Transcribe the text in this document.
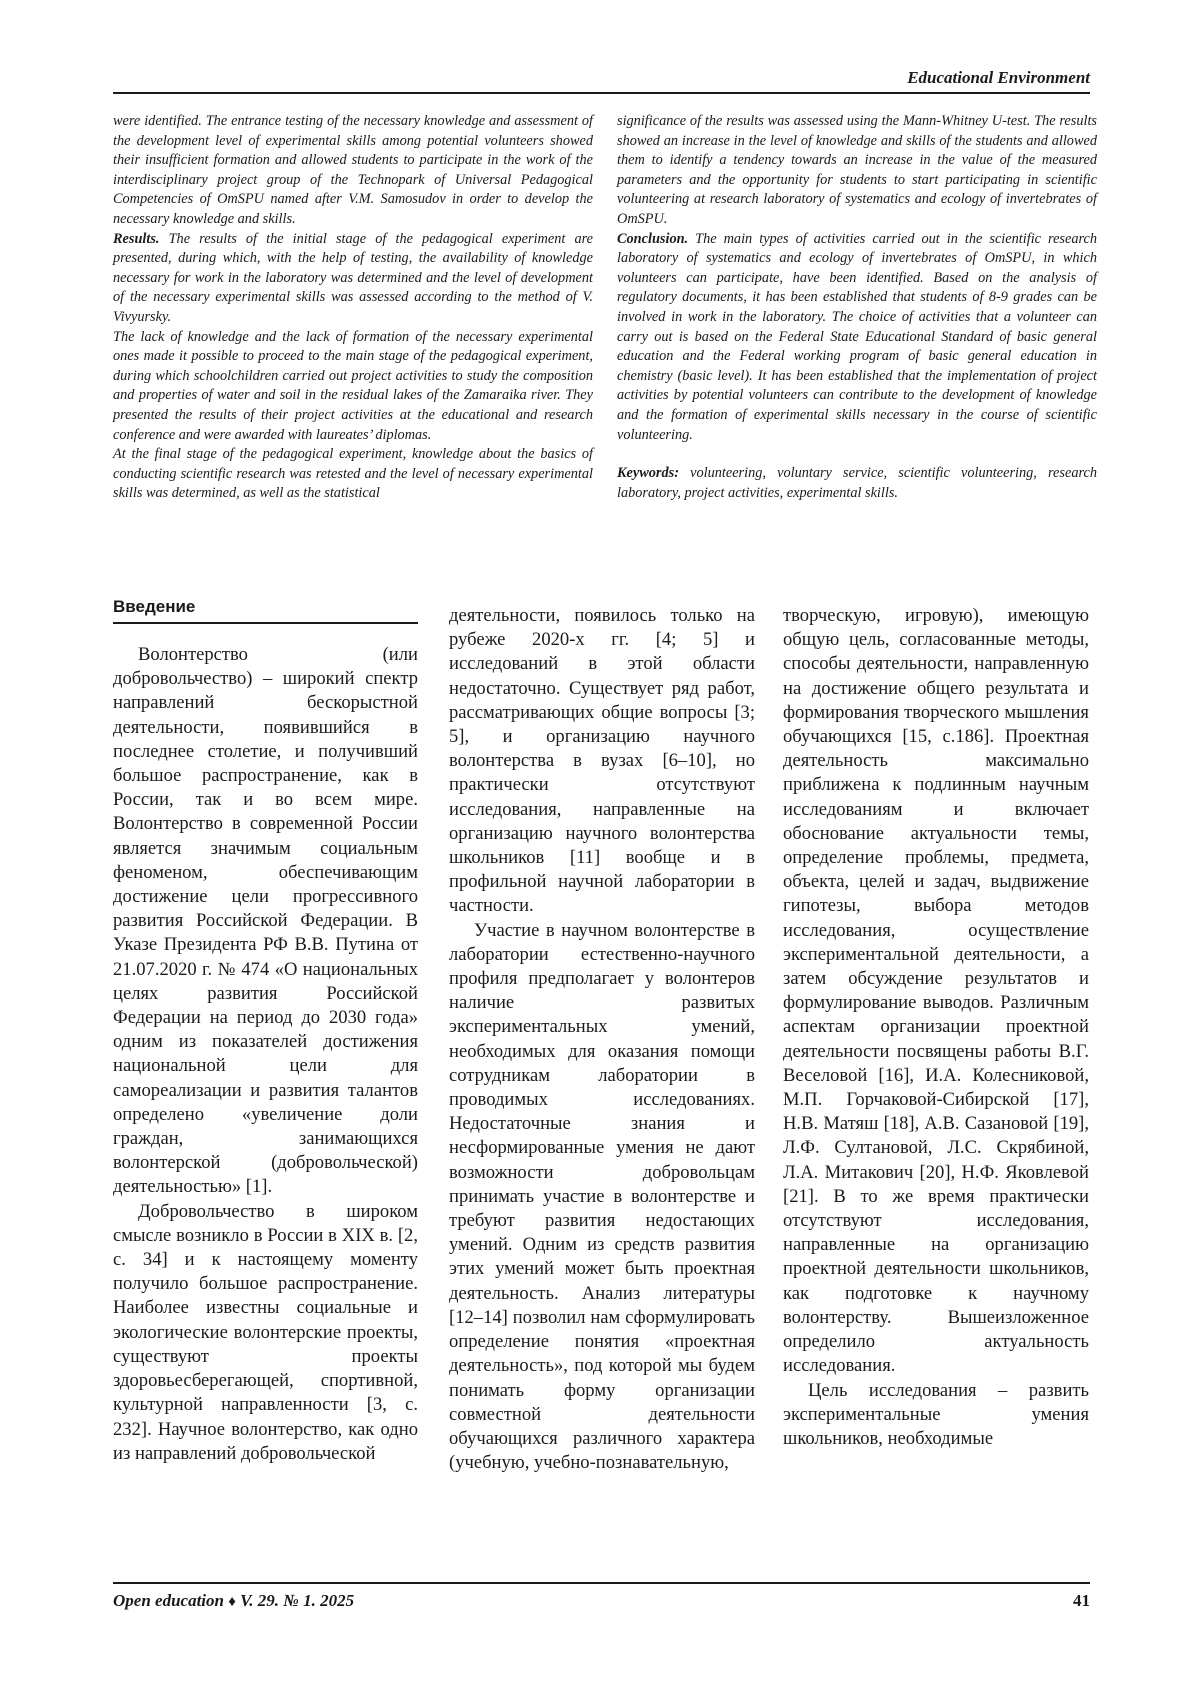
Educational Environment

were identified. The entrance testing of the necessary knowledge and assessment of the development level of experimental skills among potential volunteers showed their insufficient formation and allowed students to participate in the work of the interdisciplinary project group of the Technopark of Universal Pedagogical Competencies of OmSPU named after V.M. Samosudov in order to develop the necessary knowledge and skills.

Results. The results of the initial stage of the pedagogical experiment are presented, during which, with the help of testing, the availability of knowledge necessary for work in the laboratory was determined and the level of development of the necessary experimental skills was assessed according to the method of V. Vivyursky.

The lack of knowledge and the lack of formation of the necessary experimental ones made it possible to proceed to the main stage of the pedagogical experiment, during which schoolchildren carried out project activities to study the composition and properties of water and soil in the residual lakes of the Zamaraika river. They presented the results of their project activities at the educational and research conference and were awarded with laureates’ diplomas.

At the final stage of the pedagogical experiment, knowledge about the basics of conducting scientific research was retested and the level of necessary experimental skills was determined, as well as the statistical

significance of the results was assessed using the Mann-Whitney U-test. The results showed an increase in the level of knowledge and skills of the students and allowed them to identify a tendency towards an increase in the value of the measured parameters and the opportunity for students to start participating in scientific volunteering at research laboratory of systematics and ecology of invertebrates of OmSPU.

Conclusion. The main types of activities carried out in the scientific research laboratory of systematics and ecology of invertebrates of OmSPU, in which volunteers can participate, have been identified. Based on the analysis of regulatory documents, it has been established that students of 8-9 grades can be involved in work in the laboratory. The choice of activities that a volunteer can carry out is based on the Federal State Educational Standard of basic general education and the Federal working program of basic general education in chemistry (basic level). It has been established that the implementation of project activities by potential volunteers can contribute to the development of knowledge and the formation of experimental skills necessary in the course of scientific volunteering.

Keywords: volunteering, voluntary service, scientific volunteering, research laboratory, project activities, experimental skills.

Введение

Волонтерство (или добровольчество) – широкий спектр направлений бескорыстной деятельности, появившийся в последнее столетие, и получивший большое распространение, как в России, так и во всем мире. Волонтерство в современной России является значимым социальным феноменом, обеспечивающим достижение цели прогрессивного развития Российской Федерации. В Указе Президента РФ В.В. Путина от 21.07.2020 г. № 474 «О национальных целях развития Российской Федерации на период до 2030 года» одним из показателей достижения национальной цели для самореализации и развития талантов определено «увеличение доли граждан, занимающихся волонтерской (добровольческой) деятельностью» [1].

Добровольчество в широком смысле возникло в России в XIX в. [2, с. 34] и к настоящему моменту получило большое распространение. Наиболее известны социальные и экологические волонтерские проекты, существуют проекты здоровьесберегающей, спортивной, культурной направленности [3, с. 232]. Научное волонтерство, как одно из направлений добровольческой

деятельности, появилось только на рубеже 2020-х гг. [4; 5] и исследований в этой области недостаточно. Существует ряд работ, рассматривающих общие вопросы [3; 5], и организацию научного волонтерства в вузах [6–10], но практически отсутствуют исследования, направленные на организацию научного волонтерства школьников [11] вообще и в профильной научной лаборатории в частности.

Участие в научном волонтерстве в лаборатории естественно-научного профиля предполагает у волонтеров наличие развитых экспериментальных умений, необходимых для оказания помощи сотрудникам лаборатории в проводимых исследованиях. Недостаточные знания и несформированные умения не дают возможности добровольцам принимать участие в волонтерстве и требуют развития недостающих умений. Одним из средств развития этих умений может быть проектная деятельность. Анализ литературы [12–14] позволил нам сформулировать определение понятия «проектная деятельность», под которой мы будем понимать форму организации совместной деятельности обучающихся различного характера (учебную, учебно-познавательную,

творческую, игровую), имеющую общую цель, согласованные методы, способы деятельности, направленную на достижение общего результата и формирования творческого мышления обучающихся [15, с.186]. Проектная деятельность максимально приближена к подлинным научным исследованиям и включает обоснование актуальности темы, определение проблемы, предмета, объекта, целей и задач, выдвижение гипотезы, выбора методов исследования, осуществление экспериментальной деятельности, а затем обсуждение результатов и формулирование выводов. Различным аспектам организации проектной деятельности посвящены работы В.Г. Веселовой [16], И.А. Колесниковой, М.П. Горчаковой-Сибирской [17], Н.В. Матяш [18], А.В. Сазановой [19], Л.Ф. Султановой, Л.С. Скрябиной, Л.А. Митакович [20], Н.Ф. Яковлевой [21]. В то же время практически отсутствуют исследования, направленные на организацию проектной деятельности школьников, как подготовке к научному волонтерству. Вышеизложенное определило актуальность исследования.

Цель исследования – развить экспериментальные умения школьников, необходимые

Open education ♦ V. 29. № 1. 2025	41
